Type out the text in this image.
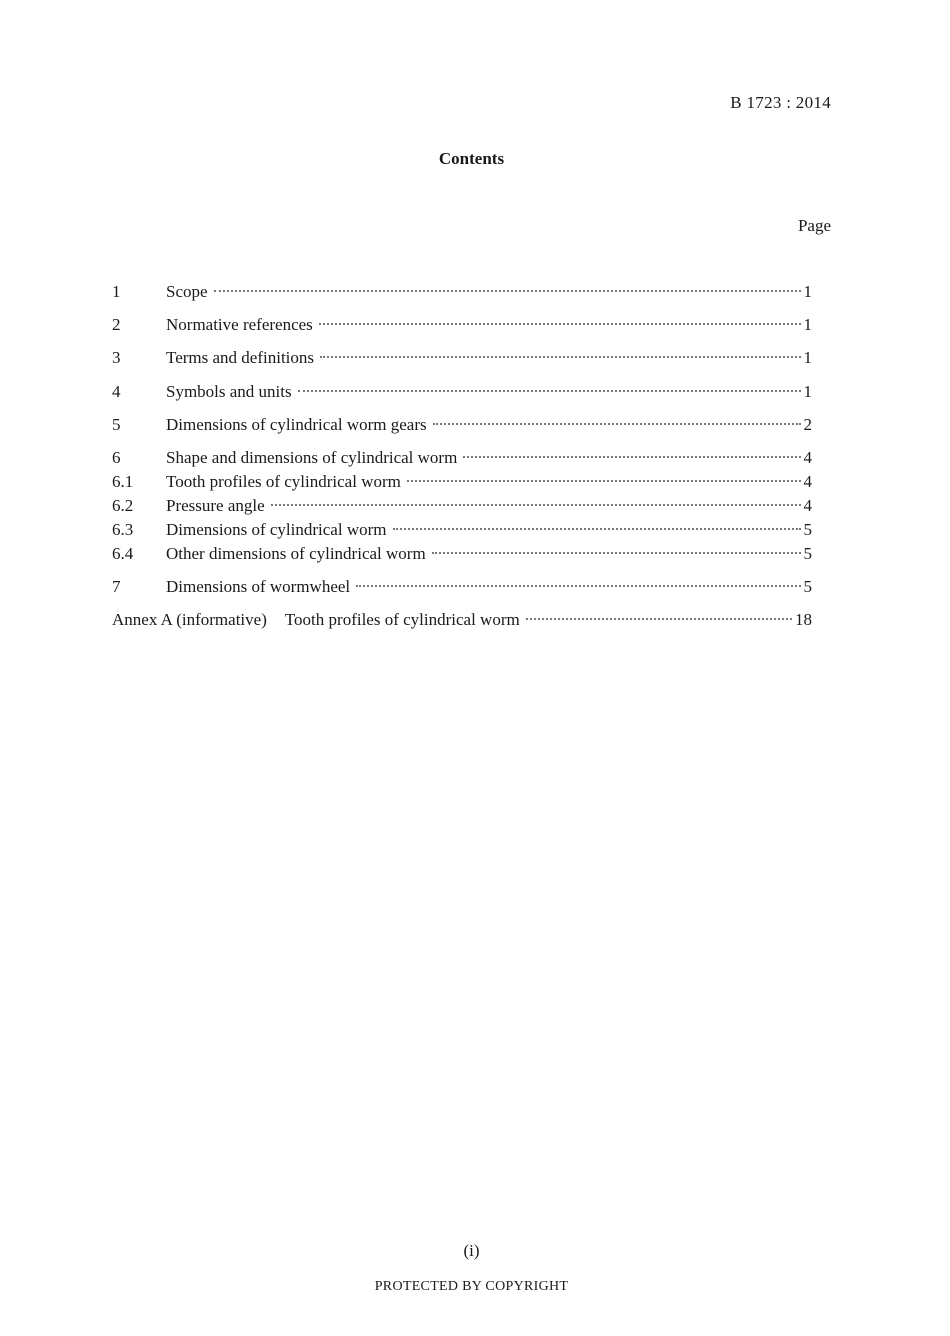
B 1723 : 2014
Contents
Page
1	Scope	1
2	Normative references	1
3	Terms and definitions	1
4	Symbols and units	1
5	Dimensions of cylindrical worm gears	2
6	Shape and dimensions of cylindrical worm	4
6.1 Tooth profiles of cylindrical worm	4
6.2 Pressure angle	4
6.3 Dimensions of cylindrical worm	5
6.4 Other dimensions of cylindrical worm	5
7	Dimensions of wormwheel	5
Annex A (informative) Tooth profiles of cylindrical worm	18
(i)
PROTECTED BY COPYRIGHT
